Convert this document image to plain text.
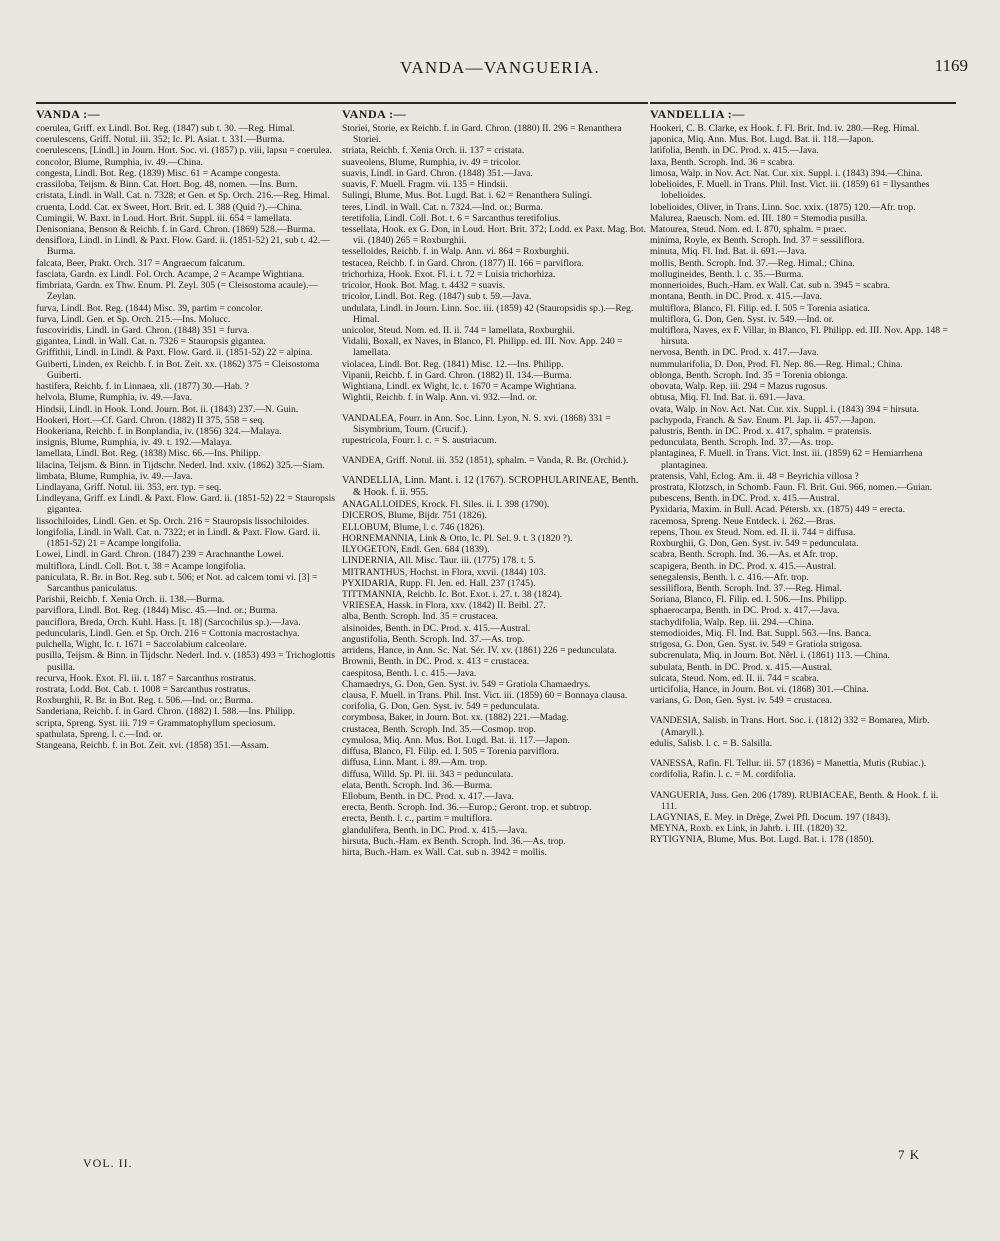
VANDA—VANGUERIA.	1169
VANDA :—

coerulea, Griff. ex Lindl. Bot. Reg. (1847) sub t. 30. —Reg. Himal.

coerulescens, Griff. Notul. iii. 352; Ic. Pl. Asiat. t. 331.—Burma.

coerulescens, [Lindl.] in Journ. Hort. Soc. vi. (1857) p. viii, lapsu = coerulea.

concolor, Blume, Rumphia, iv. 49.—China.

congesta, Lindl. Bot. Reg. (1839) Misc. 61 = Acampe congesta.

crassiloba, Teijsm. & Binn. Cat. Hort. Bog. 48, nomen. —Ins. Burn.

cristata, Lindl. in Wall. Cat. n. 7328; et Gen. et Sp. Orch. 216.—Reg. Himal.

cruenta, Lodd. Cat. ex Sweet, Hort. Brit. ed. I. 388 (Quid ?).—China.

Cumingii, W. Baxt. in Loud. Hort. Brit. Suppl. iii. 654 = lamellata.

Denisoniana, Benson & Reichb. f. in Gard. Chron. (1869) 528.—Burma.

densiflora, Lindl. in Lindl. & Paxt. Flow. Gard. ii. (1851-52) 21, sub t. 42.—Burma.

falcata, Beer, Prakt. Orch. 317 = Angraecum falcatum.

fasciata, Gardn. ex Lindl. Fol. Orch. Acampe, 2 = Acampe Wightiana.

fimbriata, Gardn. ex Thw. Enum. Pl. Zeyl. 305 (= Cleisostoma acaule).—Zeylan.

furva, Lindl. Bot. Reg. (1844) Misc. 39, partim = concolor.

furva, Lindl. Gen. et Sp. Orch. 215.—Ins. Molucc.

fuscoviridis, Lindl. in Gard. Chron. (1848) 351 = furva.

gigantea, Lindl. in Wall. Cat. n. 7326 = Stauropsis gigantea.

Griffithii, Lindl. in Lindl. & Paxt. Flow. Gard. ii. (1851-52) 22 = alpina.

Guiberti, Linden, ex Reichb. f. in Bot. Zeit. xx. (1862) 375 = Cleisostoma Guiberti.

hastifera, Reichb. f. in Linnaea, xli. (1877) 30.—Hab. ?

helvola, Blume, Rumphia, iv. 49.—Java.

Hindsii, Lindl. in Hook. Lond. Journ. Bot. ii. (1843) 237.—N. Guin.

Hookeri, Hort.—Cf. Gard. Chron. (1882) II 375, 558 = seq.

Hookeriana, Reichb. f. in Bonplandia, iv. (1856) 324.—Malaya.

insignis, Blume, Rumphia, iv. 49. t. 192.—Malaya.

lamellata, Lindl. Bot. Reg. (1838) Misc. 66.—Ins. Philipp.

lilacina, Teijsm. & Binn. in Tijdschr. Nederl. Ind. xxiv. (1862) 325.—Siam.

limbata, Blume, Rumphia, iv. 49.—Java.

Lindlayana, Griff. Notul. iii. 353, err. typ. = seq.

Lindleyana, Griff. ex Lindl. & Paxt. Flow. Gard. ii. (1851-52) 22 = Stauropsis gigantea.

lissochiloides, Lindl. Gen. et Sp. Orch. 216 = Stauropsis lissochiloides.

longifolia, Lindl. in Wall. Cat. n. 7322; et in Lindl. & Paxt. Flow. Gard. ii. (1851-52) 21 = Acampe longifolia.

Lowei, Lindl. in Gard. Chron. (1847) 239 = Arachnanthe Lowei.

multiflora, Lindl. Coll. Bot. t. 38 = Acampe longifolia.

paniculata, R. Br. in Bot. Reg. sub t. 506; et Not. ad calcem tomi vi. [3] = Sarcanthus paniculatus.

Parishii, Reichb. f. Xenia Orch. ii. 138.—Burma.

parviflora, Lindl. Bot. Reg. (1844) Misc. 45.—Ind. or.; Burma.

pauciflora, Breda, Orch. Kuhl. Hass. [t. 18] (Sarcochilus sp.).—Java.

peduncularis, Lindl. Gen. et Sp. Orch. 216 = Cottonia macrostachya.

pulchella, Wight, Ic. t. 1671 = Saccolabium calceolare.

pusilla, Teijsm. & Binn. in Tijdschr. Nederl. Ind. v. (1853) 493 = Trichoglottis pusilla.

recurva, Hook. Exot. Fl. iii. t. 187 = Sarcanthus rostratus.

rostrata, Lodd. Bot. Cab. t. 1008 = Sarcanthus rostratus.

Roxburghii, R. Br. in Bot. Reg. t. 506.—Ind. or.; Burma.

Sanderiana, Reichb. f. in Gard. Chron. (1882) I. 588.—Ins. Philipp.

scripta, Spreng. Syst. iii. 719 = Grammatophyllum speciosum.

spathulata, Spreng. l. c.—Ind. or.

Stangeana, Reichb. f. in Bot. Zeit. xvi. (1858) 351.—Assam.

VANDA :—

Storiei, Storie, ex Reichb. f. in Gard. Chron. (1880) II. 296 = Renanthera Storiei.

striata, Reichb. f. Xenia Orch. ii. 137 = cristata.

suaveolens, Blume, Rumphia, iv. 49 = tricolor.

suavis, Lindl. in Gard. Chron. (1848) 351.—Java.

suavis, F. Muell. Fragm. vii. 135 = Hindsii.

Sulingi, Blume, Mus. Bot. Lugd. Bat. i. 62 = Renanthera Sulingi.

teres, Lindl. in Wall. Cat. n. 7324.—Ind. or.; Burma.

teretifolia, Lindl. Coll. Bot. t. 6 = Sarcanthus teretifolius.

tessellata, Hook. ex G. Don, in Loud. Hort. Brit. 372; Lodd. ex Paxt. Mag. Bot. vii. (1840) 265 = Roxburghii.

tesselloides, Reichb. f. in Walp. Ann. vi. 864 = Roxburghii.

testacea, Reichb. f. in Gard. Chron. (1877) II. 166 = parviflora.

trichorhiza, Hook. Exot. Fl. i. t. 72 = Luisia trichorhiza.

tricolor, Hook. Bot. Mag. t. 4432 = suavis.

tricolor, Lindl. Bot. Reg. (1847) sub t. 59.—Java.

undulata, Lindl. in Journ. Linn. Soc. iii. (1859) 42 (Stauropsidis sp.).—Reg. Himal.

unicolor, Steud. Nom. ed. II. ii. 744 = lamellata, Roxburghii.

Vidalii, Boxall, ex Naves, in Blanco, Fl. Philipp. ed. III. Nov. App. 240 = lamellata.

violacea, Lindl. Bot. Reg. (1841) Misc. 12.—Ins. Philipp.

Vipanii, Reichb. f. in Gard. Chron. (1882) II. 134.—Burma.

Wightiana, Lindl. ex Wight, Ic. t. 1670 = Acampe Wightiana.

Wightii, Reichb. f. in Walp. Ann. vi. 932.—Ind. or.

VANDALEA, Fourr. in Ann. Soc. Linn. Lyon, N. S. xvi. (1868) 331 = Sisymbrium, Tourn. (Crucif.).

rupestricola, Fourr. l. c. = S. austriacum.

VANDEA, Griff. Notul. iii. 352 (1851), sphalm. = Vanda, R. Br. (Orchid.).

VANDELLIA, Linn. Mant. i. 12 (1767). SCROPHULARINEAE, Benth. & Hook. f. ii. 955.

ANAGALLOIDES, Krock. Fl. Siles. ii. I. 398 (1790).

DICEROS, Blume, Bijdr. 751 (1826).

ELLOBUM, Blume, l. c. 746 (1826).

HORNEMANNIA, Link & Otto, Ic. Pl. Sel. 9. t. 3 (1820 ?).

ILYOGETON, Endl. Gen. 684 (1839).

LINDERNIA, All. Misc. Taur. iii. (1775) 178. t. 5.

MITRANTHUS, Hochst. in Flora, xxvii. (1844) 103.

PYXIDARIA, Rupp. Fl. Jen. ed. Hall. 237 (1745).

TITTMANNIA, Reichb. Ic. Bot. Exot. i. 27. t. 38 (1824).

VRIESEA, Hassk. in Flora, xxv. (1842) II. Beibl. 27.

alba, Benth. Scroph. Ind. 35 = crustacea.

alsinoides, Benth. in DC. Prod. x. 415.—Austral.

angustifolia, Benth. Scroph. Ind. 37.—As. trop.

arridens, Hance, in Ann. Sc. Nat. Sér. IV. xv. (1861) 226 = pedunculata.

Brownii, Benth. in DC. Prod. x. 413 = crustacea.

caespitosa, Benth. l. c. 415.—Java.

Chamaedrys, G. Don, Gen. Syst. iv. 549 = Gratiola Chamaedrys.

clausa, F. Muell. in Trans. Phil. Inst. Vict. iii. (1859) 60 = Bonnaya clausa.

corifolia, G. Don, Gen. Syst. iv. 549 = pedunculata.

corymbosa, Baker, in Journ. Bot. xx. (1882) 221.—Madag.

crustacea, Benth. Scroph. Ind. 35.—Cosmop. trop.

cymulosa, Miq. Ann. Mus. Bot. Lugd. Bat. ii. 117.—Japon.

diffusa, Blanco, Fl. Filip. ed. I. 505 = Torenia parviflora.

diffusa, Linn. Mant. i. 89.—Am. trop.

diffusa, Willd. Sp. Pl. iii. 343 = pedunculata.

elata, Benth. Scroph. Ind. 36.—Burma.

Ellobum, Benth. in DC. Prod. x. 417.—Java.

erecta, Benth. Scroph. Ind. 36.—Europ.; Geront. trop. et subtrop.

erecta, Benth. l. c., partim = multiflora.

glandulifera, Benth. in DC. Prod. x. 415.—Java.

hirsuta, Buch.-Ham. ex Benth. Scroph. Ind. 36.—As. trop.

hirta, Buch.-Ham. ex Wall. Cat. sub n. 3942 = mollis.

VANDELLIA :—

Hookeri, C. B. Clarke, ex Hook. f. Fl. Brit. Ind. iv. 280.—Reg. Himal.

japonica, Miq. Ann. Mus. Bot. Lugd. Bat. ii. 118.—Japon.

latifolia, Benth. in DC. Prod. x. 415.—Java.

laxa, Benth. Scroph. Ind. 36 = scabra.

limosa, Walp. in Nov. Act. Nat. Cur. xix. Suppl. i. (1843) 394.—China.

lobelioides, F. Muell. in Trans. Phil. Inst. Vict. iii. (1859) 61 = Ilysanthes lobelioides.

lobelioides, Oliver, in Trans. Linn. Soc. xxix. (1875) 120.—Afr. trop.

Malurea, Raeusch. Nom. ed. III. 180 = Stemodia pusilla.

Matourea, Steud. Nom. ed. I. 870, sphalm. = praec.

minima, Royle, ex Benth. Scroph. Ind. 37 = sessiliflora.

minuta, Miq. Fl. Ind. Bat. ii. 691.—Java.

mollis, Benth. Scroph. Ind. 37.—Reg. Himal.; China.

mollugineides, Benth. l. c. 35.—Burma.

monnerioides, Buch.-Ham. ex Wall. Cat. sub n. 3945 = scabra.

montana, Benth. in DC. Prod. x. 415.—Java.

multiflora, Blanco, Fl. Filip. ed. I. 505 = Torenia asiatica.

multiflora, G. Don, Gen. Syst. iv. 549.—Ind. or.

multiflora, Naves, ex F. Villar, in Blanco, Fl. Philipp. ed. III. Nov. App. 148 = hirsuta.

nervosa, Benth. in DC. Prod. x. 417.—Java.

nummularifolia, D. Don, Prod. Fl. Nep. 86.—Reg. Himal.; China.

oblonga, Benth. Scroph. Ind. 35 = Torenia oblonga.

obovata, Walp. Rep. iii. 294 = Mazus rugosus.

obtusa, Miq. Fl. Ind. Bat. ii. 691.—Java.

ovata, Walp. in Nov. Act. Nat. Cur. xix. Suppl. i. (1843) 394 = hirsuta.

pachypoda, Franch. & Sav. Enum. Pl. Jap. ii. 457.—Japon.

palustris, Benth. in DC. Prod. x. 417, sphalm. = pratensis.

pedunculata, Benth. Scroph. Ind. 37.—As. trop.

plantaginea, F. Muell. in Trans. Vict. Inst. iii. (1859) 62 = Hemiarrhena plantaginea.

pratensis, Vahl, Eclog. Am. ii. 48 = Beyrichia villosa ?

prostrata, Klotzsch, in Schomb. Faun. Fl. Brit. Gui. 966, nomen.—Guian.

pubescens, Benth. in DC. Prod. x. 415.—Austral.

Pyxidaria, Maxim. in Bull. Acad. Pétersb. xx. (1875) 449 = erecta.

racemosa, Spreng. Neue Entdeck. i. 262.—Bras.

repens, Thou. ex Steud. Nom. ed. II. ii. 744 = diffusa.

Roxburghii, G. Don, Gen. Syst. iv. 549 = pedunculata.

scabra, Benth. Scroph. Ind. 36.—As. et Afr. trop.

scapigera, Benth. in DC. Prod. x. 415.—Austral.

senegalensis, Benth. l. c. 416.—Afr. trop.

sessiliflora, Benth. Scroph. Ind. 37.—Reg. Himal.

Soriana, Blanco, Fl. Filip. ed. I. 506.—Ins. Philipp.

sphaerocarpa, Benth. in DC. Prod. x. 417.—Java.

stachydifolia, Walp. Rep. iii. 294.—China.

stemodioides, Miq. Fl. Ind. Bat. Suppl. 563.—Ins. Banca.

strigosa, G. Don, Gen. Syst. iv. 549 = Gratiola strigosa.

subcrenulata, Miq. in Journ. Bot. Nêrl. i. (1861) 113. —China.

subulata, Benth. in DC. Prod. x. 415.—Austral.

sulcata, Steud. Nom. ed. II. ii. 744 = scabra.

urticifolia, Hance, in Journ. Bot. vi. (1868) 301.—China.

varians, G. Don, Gen. Syst. iv. 549 = crustacea.

VANDESIA, Salisb. in Trans. Hort. Soc. i. (1812) 332 = Bomarea, Mirb. (Amaryll.).

edulis, Salisb. l. c. = B. Salsilla.

VANESSA, Rafin. Fl. Tellur. iii. 57 (1836) = Manettia, Mutis (Rubiac.).

cordifolia, Rafin. l. c. = M. cordifolia.

VANGUERIA, Juss. Gen. 206 (1789). RUBIACEAE, Benth. & Hook. f. ii. 111.

LAGYNIAS, E. Mey. in Drège, Zwei Pfl. Docum. 197 (1843).

MEYNA, Roxb. ex Link, in Jahrb. i. III. (1820) 32.

RYTIGYNIA, Blume, Mus. Bot. Lugd. Bat. i. 178 (1850).

VOL. II.
7 K
